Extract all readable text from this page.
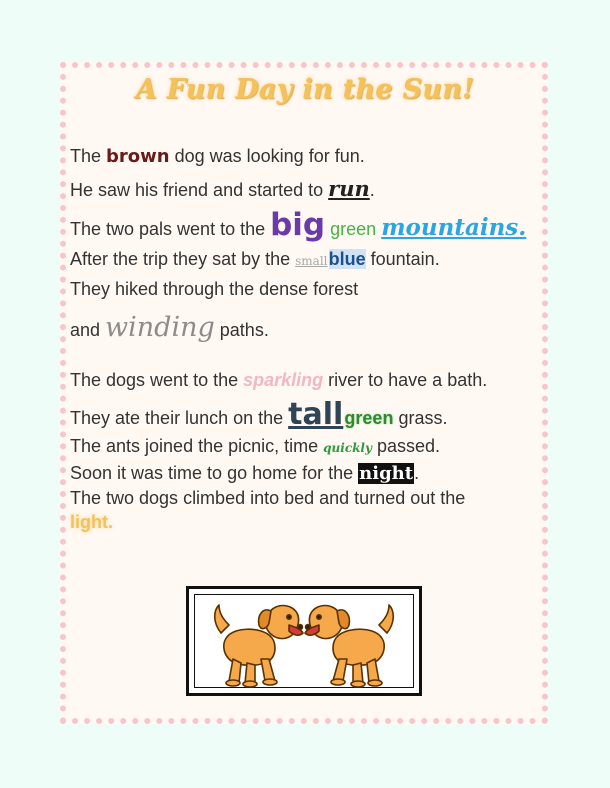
A Fun Day in the Sun!
The brown dog was looking for fun.
He saw his friend and started to run.
The two pals went to the big green mountains.
After the trip they sat by the small blue fountain.
They hiked through the dense forest
and winding paths.
The dogs went to the sparkling river to have a bath.
They ate their lunch on the tall green grass.
The ants joined the picnic, time quickly passed.
Soon it was time to go home for the night.
The two dogs climbed into bed and turned out the
light.
